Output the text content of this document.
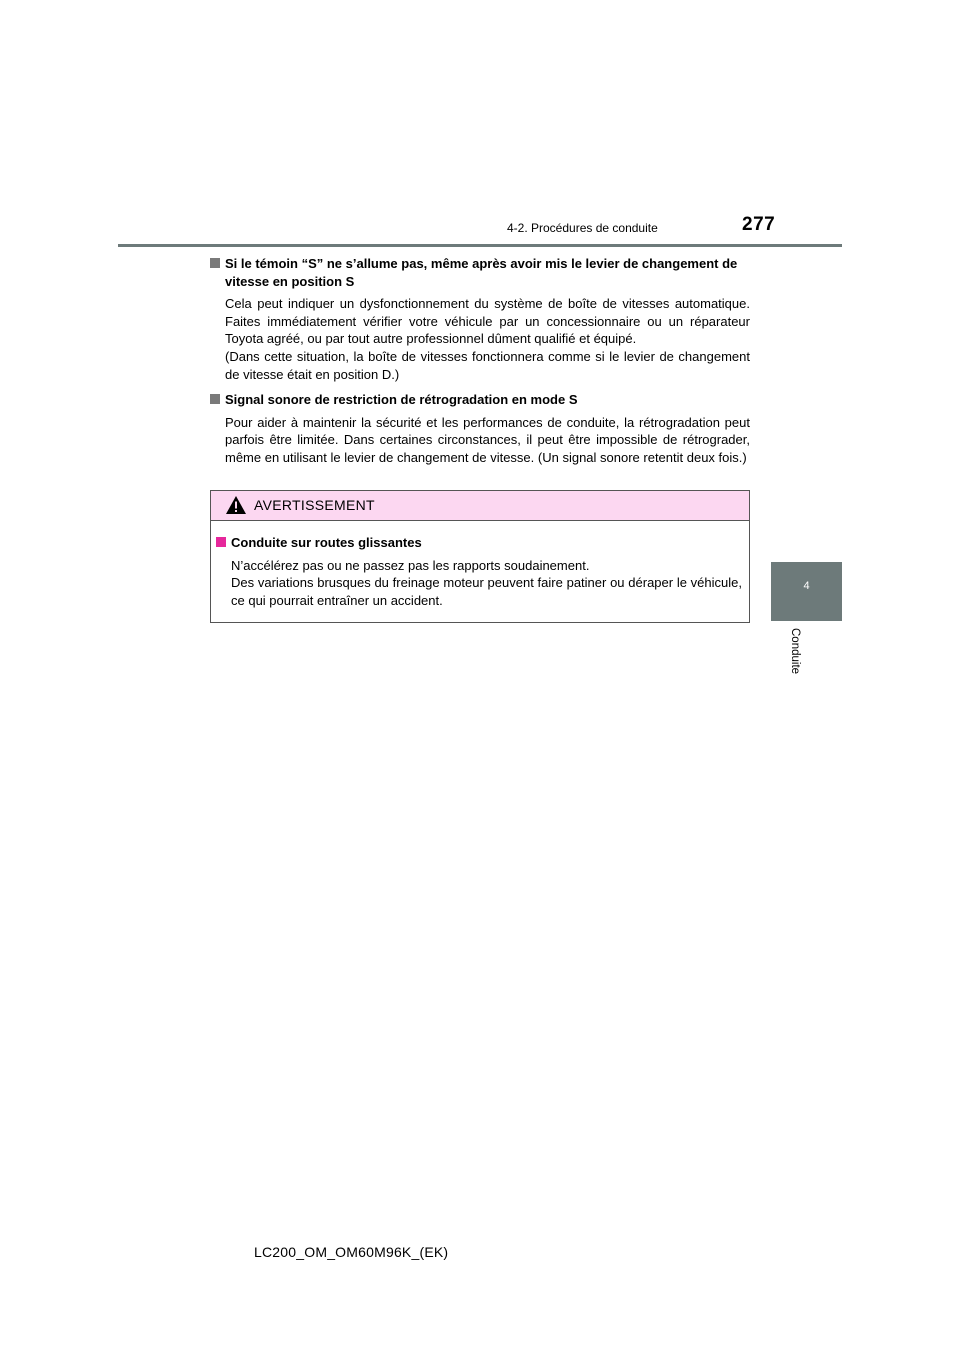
4-2. Procédures de conduite	277
4
Conduite
Si le témoin “S” ne s’allume pas, même après avoir mis le levier de changement de vitesse en position S
Cela peut indiquer un dysfonctionnement du système de boîte de vitesses automatique. Faites immédiatement vérifier votre véhicule par un concessionnaire ou un réparateur Toyota agréé, ou par tout autre professionnel dûment qualifié et équipé.
(Dans cette situation, la boîte de vitesses fonctionnera comme si le levier de changement de vitesse était en position D.)
Signal sonore de restriction de rétrogradation en mode S
Pour aider à maintenir la sécurité et les performances de conduite, la rétrogradation peut parfois être limitée. Dans certaines circonstances, il peut être impossible de rétrograder, même en utilisant le levier de changement de vitesse. (Un signal sonore retentit deux fois.)
AVERTISSEMENT
Conduite sur routes glissantes
N’accélérez pas ou ne passez pas les rapports soudainement.
Des variations brusques du freinage moteur peuvent faire patiner ou déraper le véhicule, ce qui pourrait entraîner un accident.
LC200_OM_OM60M96K_(EK)
